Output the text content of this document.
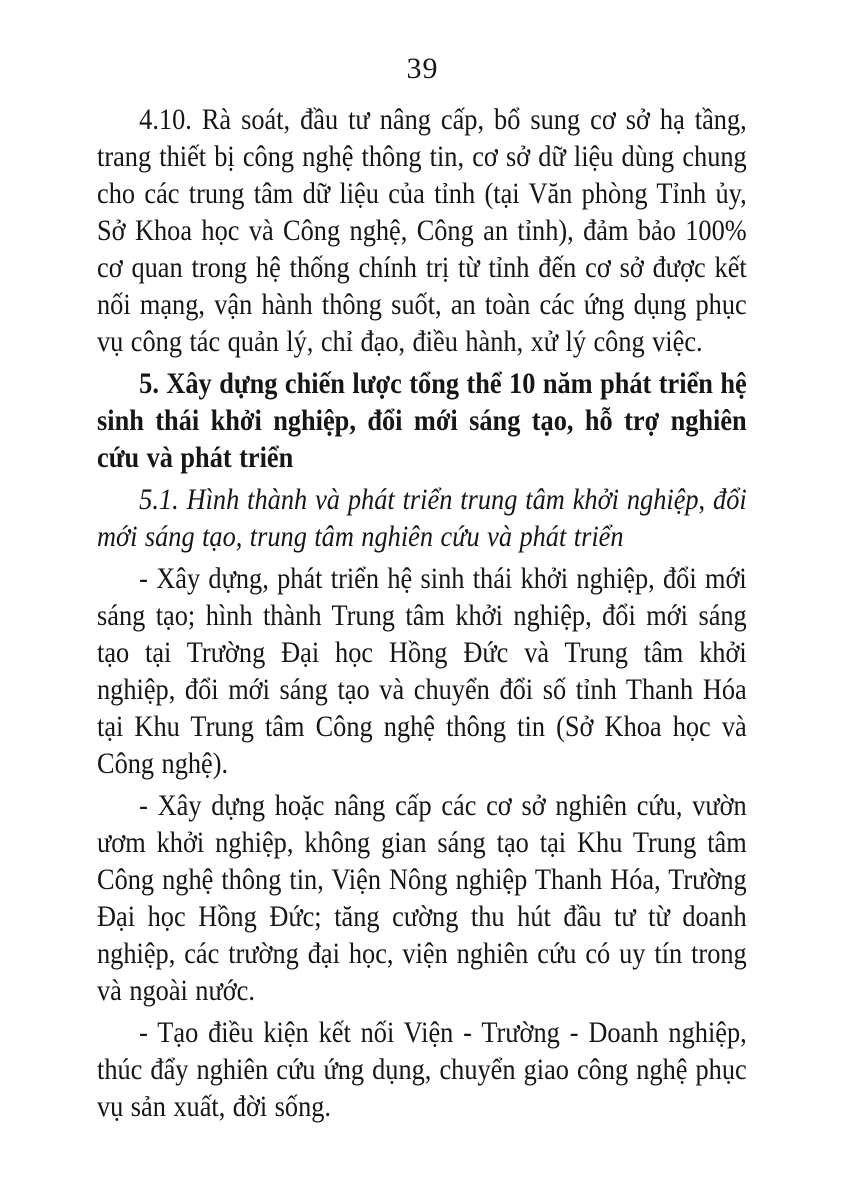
39

4.10. Rà soát, đầu tư nâng cấp, bổ sung cơ sở hạ tầng, trang thiết bị công nghệ thông tin, cơ sở dữ liệu dùng chung cho các trung tâm dữ liệu của tỉnh (tại Văn phòng Tỉnh ủy, Sở Khoa học và Công nghệ, Công an tỉnh), đảm bảo 100% cơ quan trong hệ thống chính trị từ tỉnh đến cơ sở được kết nối mạng, vận hành thông suốt, an toàn các ứng dụng phục vụ công tác quản lý, chỉ đạo, điều hành, xử lý công việc.

5. Xây dựng chiến lược tổng thể 10 năm phát triển hệ sinh thái khởi nghiệp, đổi mới sáng tạo, hỗ trợ nghiên cứu và phát triển

5.1. Hình thành và phát triển trung tâm khởi nghiệp, đổi mới sáng tạo, trung tâm nghiên cứu và phát triển

- Xây dựng, phát triển hệ sinh thái khởi nghiệp, đổi mới sáng tạo; hình thành Trung tâm khởi nghiệp, đổi mới sáng tạo tại Trường Đại học Hồng Đức và Trung tâm khởi nghiệp, đổi mới sáng tạo và chuyển đổi số tỉnh Thanh Hóa tại Khu Trung tâm Công nghệ thông tin (Sở Khoa học và Công nghệ).

- Xây dựng hoặc nâng cấp các cơ sở nghiên cứu, vườn ươm khởi nghiệp, không gian sáng tạo tại Khu Trung tâm Công nghệ thông tin, Viện Nông nghiệp Thanh Hóa, Trường Đại học Hồng Đức; tăng cường thu hút đầu tư từ doanh nghiệp, các trường đại học, viện nghiên cứu có uy tín trong và ngoài nước.

- Tạo điều kiện kết nối Viện - Trường - Doanh nghiệp, thúc đẩy nghiên cứu ứng dụng, chuyển giao công nghệ phục vụ sản xuất, đời sống.
